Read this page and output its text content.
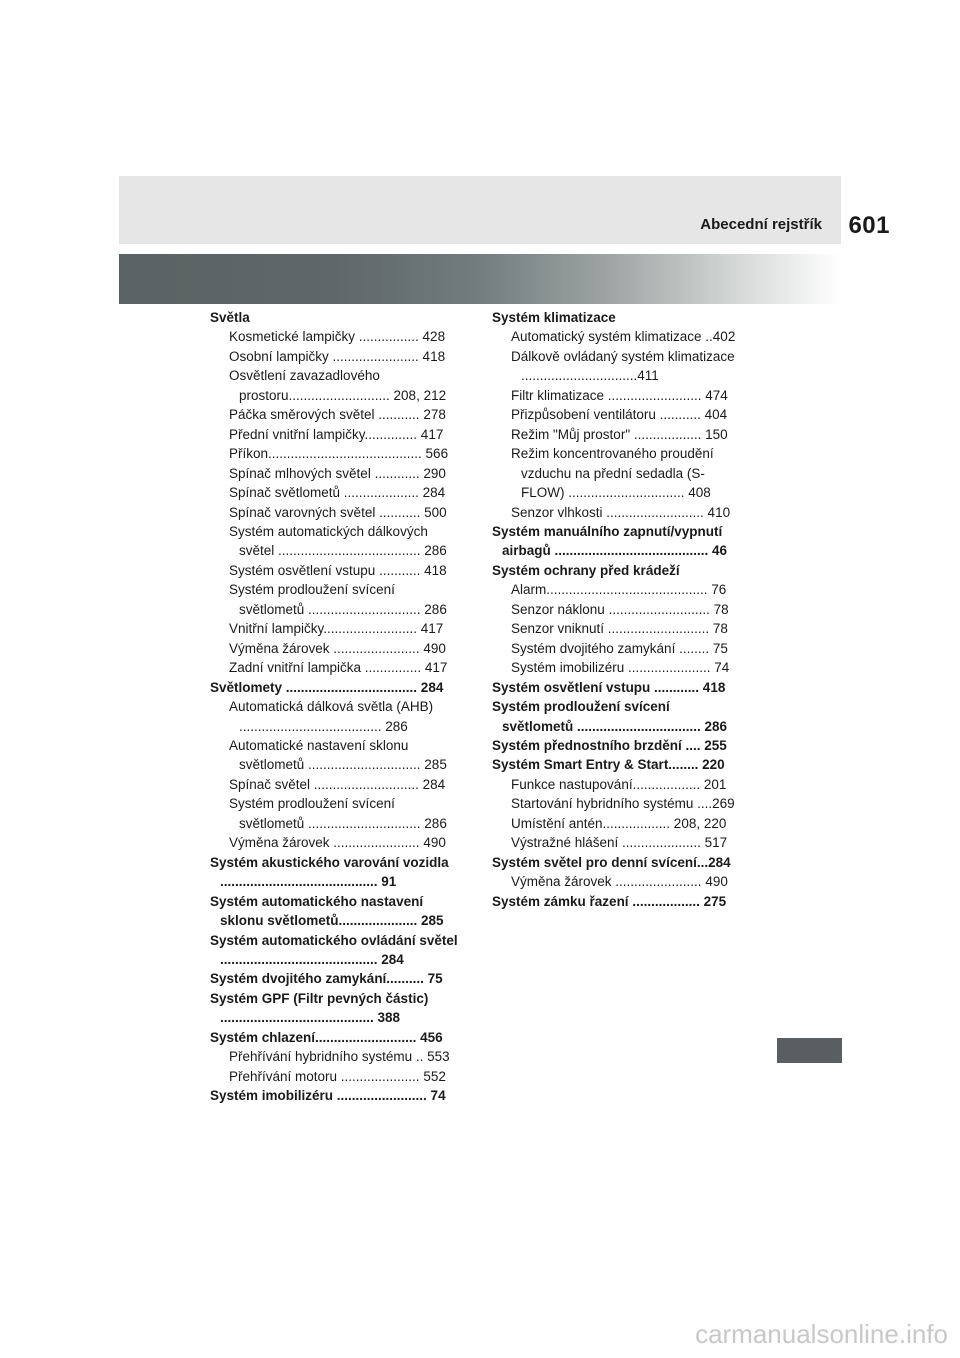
Abecední rejstřík 601
Světla
Kosmetické lampičky ................ 428
Osobní lampičky ....................... 418
Osvětlení zavazadlového prostoru........................... 208, 212
Páčka směrových světel ........... 278
Přední vnitřní lampičky.............. 417
Příkon......................................... 566
Spínač mlhových světel ............ 290
Spínač světlometů .................... 284
Spínač varovných světel ........... 500
Systém automatických dálkových světel ...................................... 286
Systém osvětlení vstupu ........... 418
Systém prodloužení svícení světlometů .............................. 286
Vnitřní lampičky......................... 417
Výměna žárovek ....................... 490
Zadní vnitřní lampička ............... 417
Světlomety ................................... 284
Automatická dálková světla (AHB) ...................................... 286
Automatické nastavení sklonu světlometů .............................. 285
Spínač světel ............................ 284
Systém prodloužení svícení světlometů .............................. 286
Výměna žárovek ....................... 490
Systém akustického varování vozidla .......................................... 91
Systém automatického nastavení sklonu světlometů..................... 285
Systém automatického ovládání světel .......................................... 284
Systém dvojitého zamykání.......... 75
Systém GPF (Filtr pevných částic) ......................................... 388
Systém chlazení........................... 456
Přehřívání hybridního systému .. 553
Přehřívání motoru ..................... 552
Systém imobilizéru ........................ 74
Systém klimatizace
Automatický systém klimatizace ..402
Dálkově ovládaný systém klimatizace ...............................411
Filtr klimatizace ......................... 474
Přizpůsobení ventilátoru ........... 404
Režim "Můj prostor" .................. 150
Režim koncentrovaného proudění vzduchu na přední sedadla (S-FLOW) ............................... 408
Senzor vlhkosti .......................... 410
Systém manuálního zapnutí/vypnutí airbagů ......................................... 46
Systém ochrany před krádeží
Alarm........................................... 76
Senzor náklonu ........................... 78
Senzor vniknutí ........................... 78
Systém dvojitého zamykání ........ 75
Systém imobilizéru ...................... 74
Systém osvětlení vstupu ............ 418
Systém prodloužení svícení světlometů ................................. 286
Systém přednostního brzdění .... 255
Systém Smart Entry & Start........ 220
Funkce nastupování.................. 201
Startování hybridního systému ....269
Umístění antén.................. 208, 220
Výstražné hlášení ..................... 517
Systém světel pro denní svícení...284
Výměna žárovek ....................... 490
Systém zámku řazení .................. 275
carmanualsonline.info
